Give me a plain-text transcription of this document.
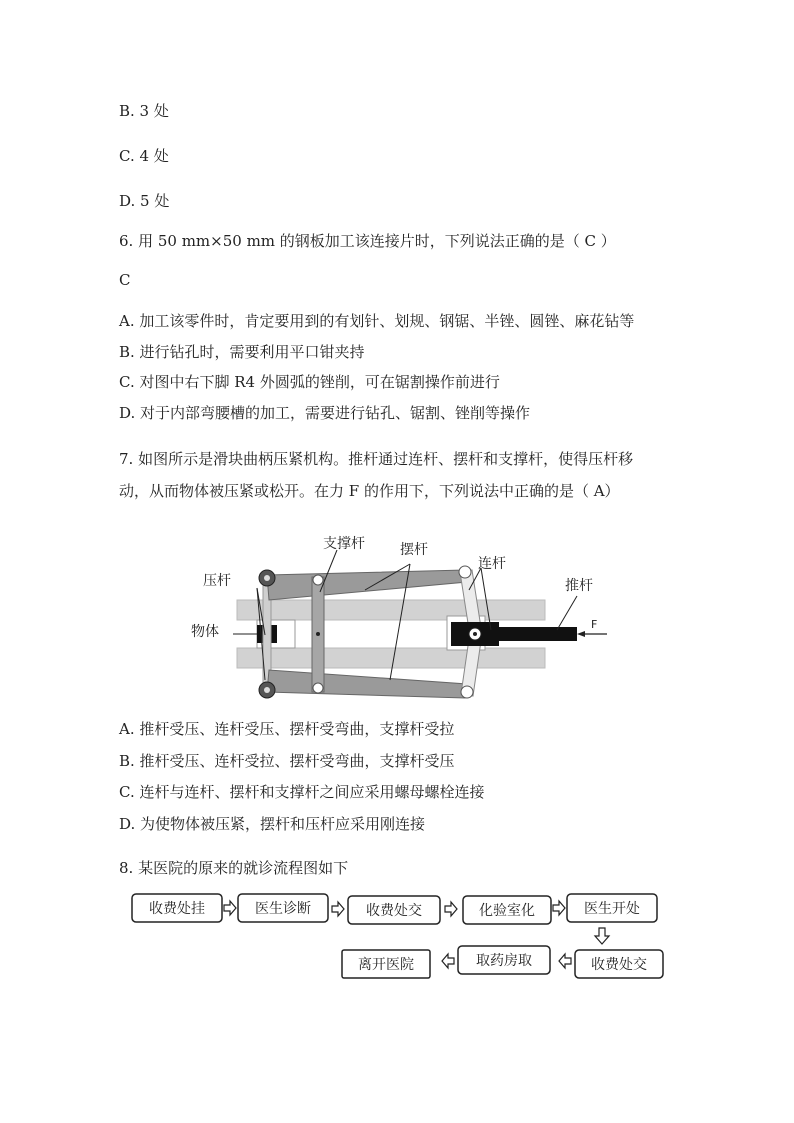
B. 3 处
C. 4 处
D. 5 处
6. 用 50 mm×50 mm 的钢板加工该连接片时，下列说法正确的是（ C ）
C
A. 加工该零件时，肯定要用到的有划针、划规、钢锯、半锉、圆锉、麻花钻等
B. 进行钻孔时，需要利用平口钳夹持
C. 对图中右下脚 R4 外圆弧的锉削，可在锯割操作前进行
D. 对于内部弯腰槽的加工，需要进行钻孔、锯割、锉削等操作
7. 如图所示是滑块曲柄压紧机构。推杆通过连杆、摆杆和支撑杆，使得压杆移
动，从而物体被压紧或松开。在力 F 的作用下，下列说法中正确的是（ A）
支撑杆	摆杆
连杆
压杆	推杆
物体	F
A. 推杆受压、连杆受压、摆杆受弯曲，支撑杆受拉
B. 推杆受压、连杆受拉、摆杆受弯曲，支撑杆受压
C. 连杆与连杆、摆杆和支撑杆之间应采用螺母螺栓连接
D. 为使物体被压紧，摆杆和压杆应采用刚连接
8. 某医院的原来的就诊流程图如下
收费处挂	医生诊断	收费处交	化验室化	医生开处
收费处交
取药房取
离开医院
